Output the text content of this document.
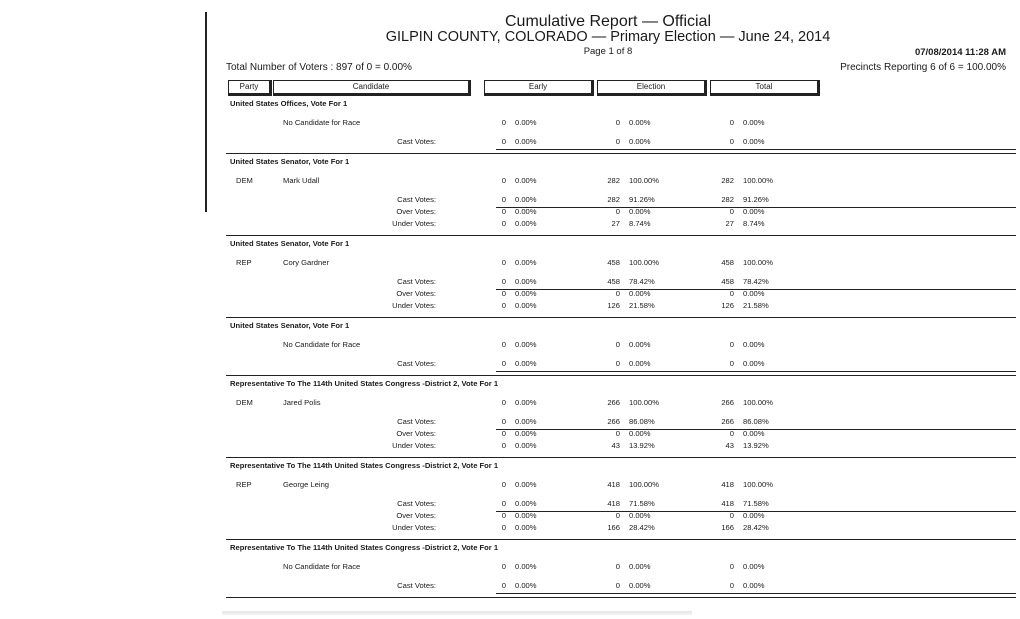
Cumulative Report — Official
GILPIN COUNTY, COLORADO — Primary Election — June 24, 2014
Page 1 of 8	07/08/2014 11:28 AM
Total Number of Voters : 897 of 0 = 0.00%	Precincts Reporting 6 of 6 = 100.00%
Party	Candidate	Early	Election	Total
United States Offices, Vote For 1
No Candidate for Race	0 0.00%	0 0.00%	0 0.00%
Cast Votes:	0 0.00%	0 0.00%	0 0.00%
United States Senator, Vote For 1
DEM	Mark Udall	0 0.00%	282 100.00%	282 100.00%
Cast Votes:	0 0.00%	282 91.26%	282 91.26%
Over Votes:	0 0.00%	0 0.00%	0 0.00%
Under Votes:	0 0.00%	27 8.74%	27 8.74%
United States Senator, Vote For 1
REP	Cory Gardner	0 0.00%	458 100.00%	458 100.00%
Cast Votes:	0 0.00%	458 78.42%	458 78.42%
Over Votes:	0 0.00%	0 0.00%	0 0.00%
Under Votes:	0 0.00%	126 21.58%	126 21.58%
United States Senator, Vote For 1
No Candidate for Race	0 0.00%	0 0.00%	0 0.00%
Cast Votes:	0 0.00%	0 0.00%	0 0.00%
Representative To The 114th United States Congress -District 2, Vote For 1
DEM	Jared Polis	0 0.00%	266 100.00%	266 100.00%
Cast Votes:	0 0.00%	266 86.08%	266 86.08%
Over Votes:	0 0.00%	0 0.00%	0 0.00%
Under Votes:	0 0.00%	43 13.92%	43 13.92%
Representative To The 114th United States Congress -District 2, Vote For 1
REP	George Leing	0 0.00%	418 100.00%	418 100.00%
Cast Votes:	0 0.00%	418 71.58%	418 71.58%
Over Votes:	0 0.00%	0 0.00%	0 0.00%
Under Votes:	0 0.00%	166 28.42%	166 28.42%
Representative To The 114th United States Congress -District 2, Vote For 1
No Candidate for Race	0 0.00%	0 0.00%	0 0.00%
Cast Votes:	0 0.00%	0 0.00%	0 0.00%
